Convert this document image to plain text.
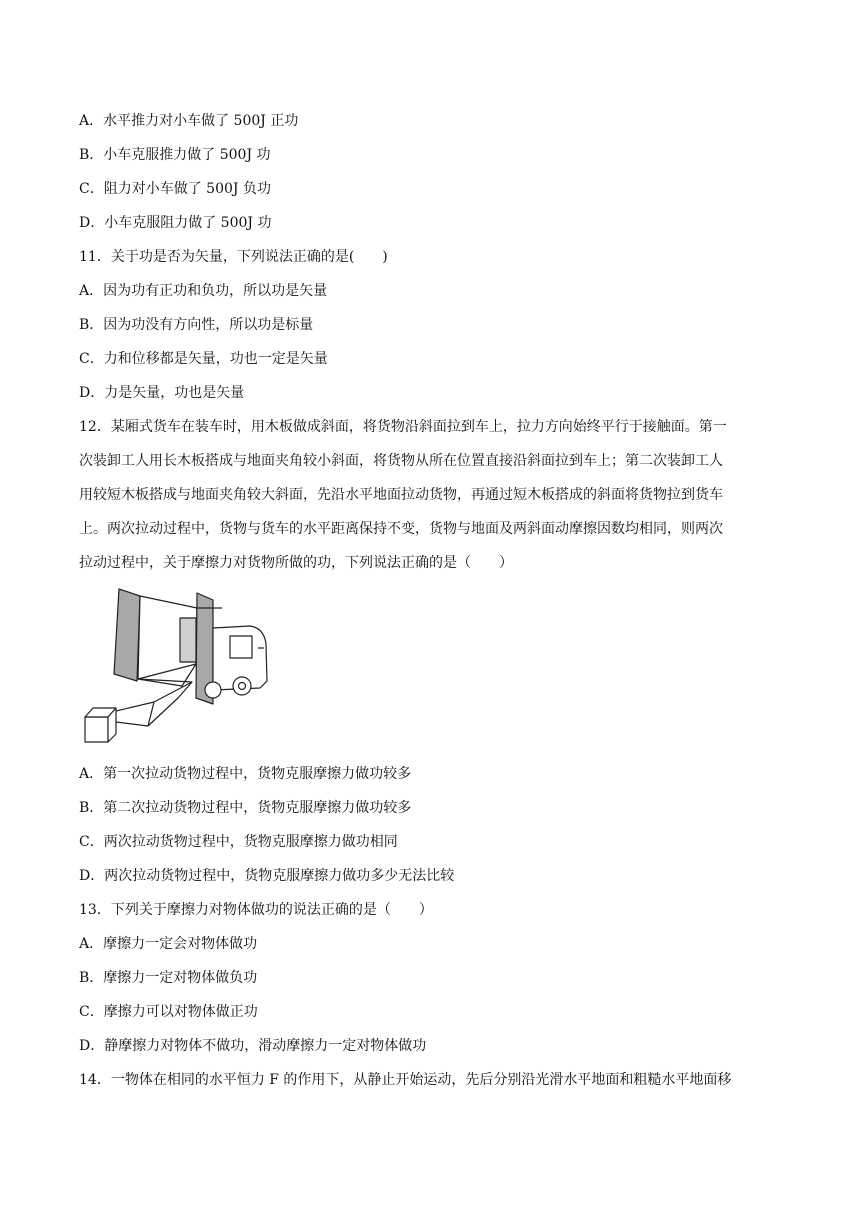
A．水平推力对小车做了 500J 正功
B．小车克服推力做了 500J 功
C．阻力对小车做了 500J 负功
D．小车克服阻力做了 500J 功
11．关于功是否为矢量，下列说法正确的是(　　)
A．因为功有正功和负功，所以功是矢量
B．因为功没有方向性，所以功是标量
C．力和位移都是矢量，功也一定是矢量
D．力是矢量，功也是矢量
12．某厢式货车在装车时，用木板做成斜面，将货物沿斜面拉到车上，拉力方向始终平行于接触面。第一
次装卸工人用长木板搭成与地面夹角较小斜面，将货物从所在位置直接沿斜面拉到车上；第二次装卸工人
用较短木板搭成与地面夹角较大斜面，先沿水平地面拉动货物，再通过短木板搭成的斜面将货物拉到货车
上。两次拉动过程中，货物与货车的水平距离保持不变，货物与地面及两斜面动摩擦因数均相同，则两次
拉动过程中，关于摩擦力对货物所做的功，下列说法正确的是（　　）
A．第一次拉动货物过程中，货物克服摩擦力做功较多
B．第二次拉动货物过程中，货物克服摩擦力做功较多
C．两次拉动货物过程中，货物克服摩擦力做功相同
D．两次拉动货物过程中，货物克服摩擦力做功多少无法比较
13．下列关于摩擦力对物体做功的说法正确的是（　　）
A．摩擦力一定会对物体做功
B．摩擦力一定对物体做负功
C．摩擦力可以对物体做正功
D．静摩擦力对物体不做功，滑动摩擦力一定对物体做功
14．一物体在相同的水平恒力 F 的作用下，从静止开始运动，先后分别沿光滑水平地面和粗糙水平地面移
